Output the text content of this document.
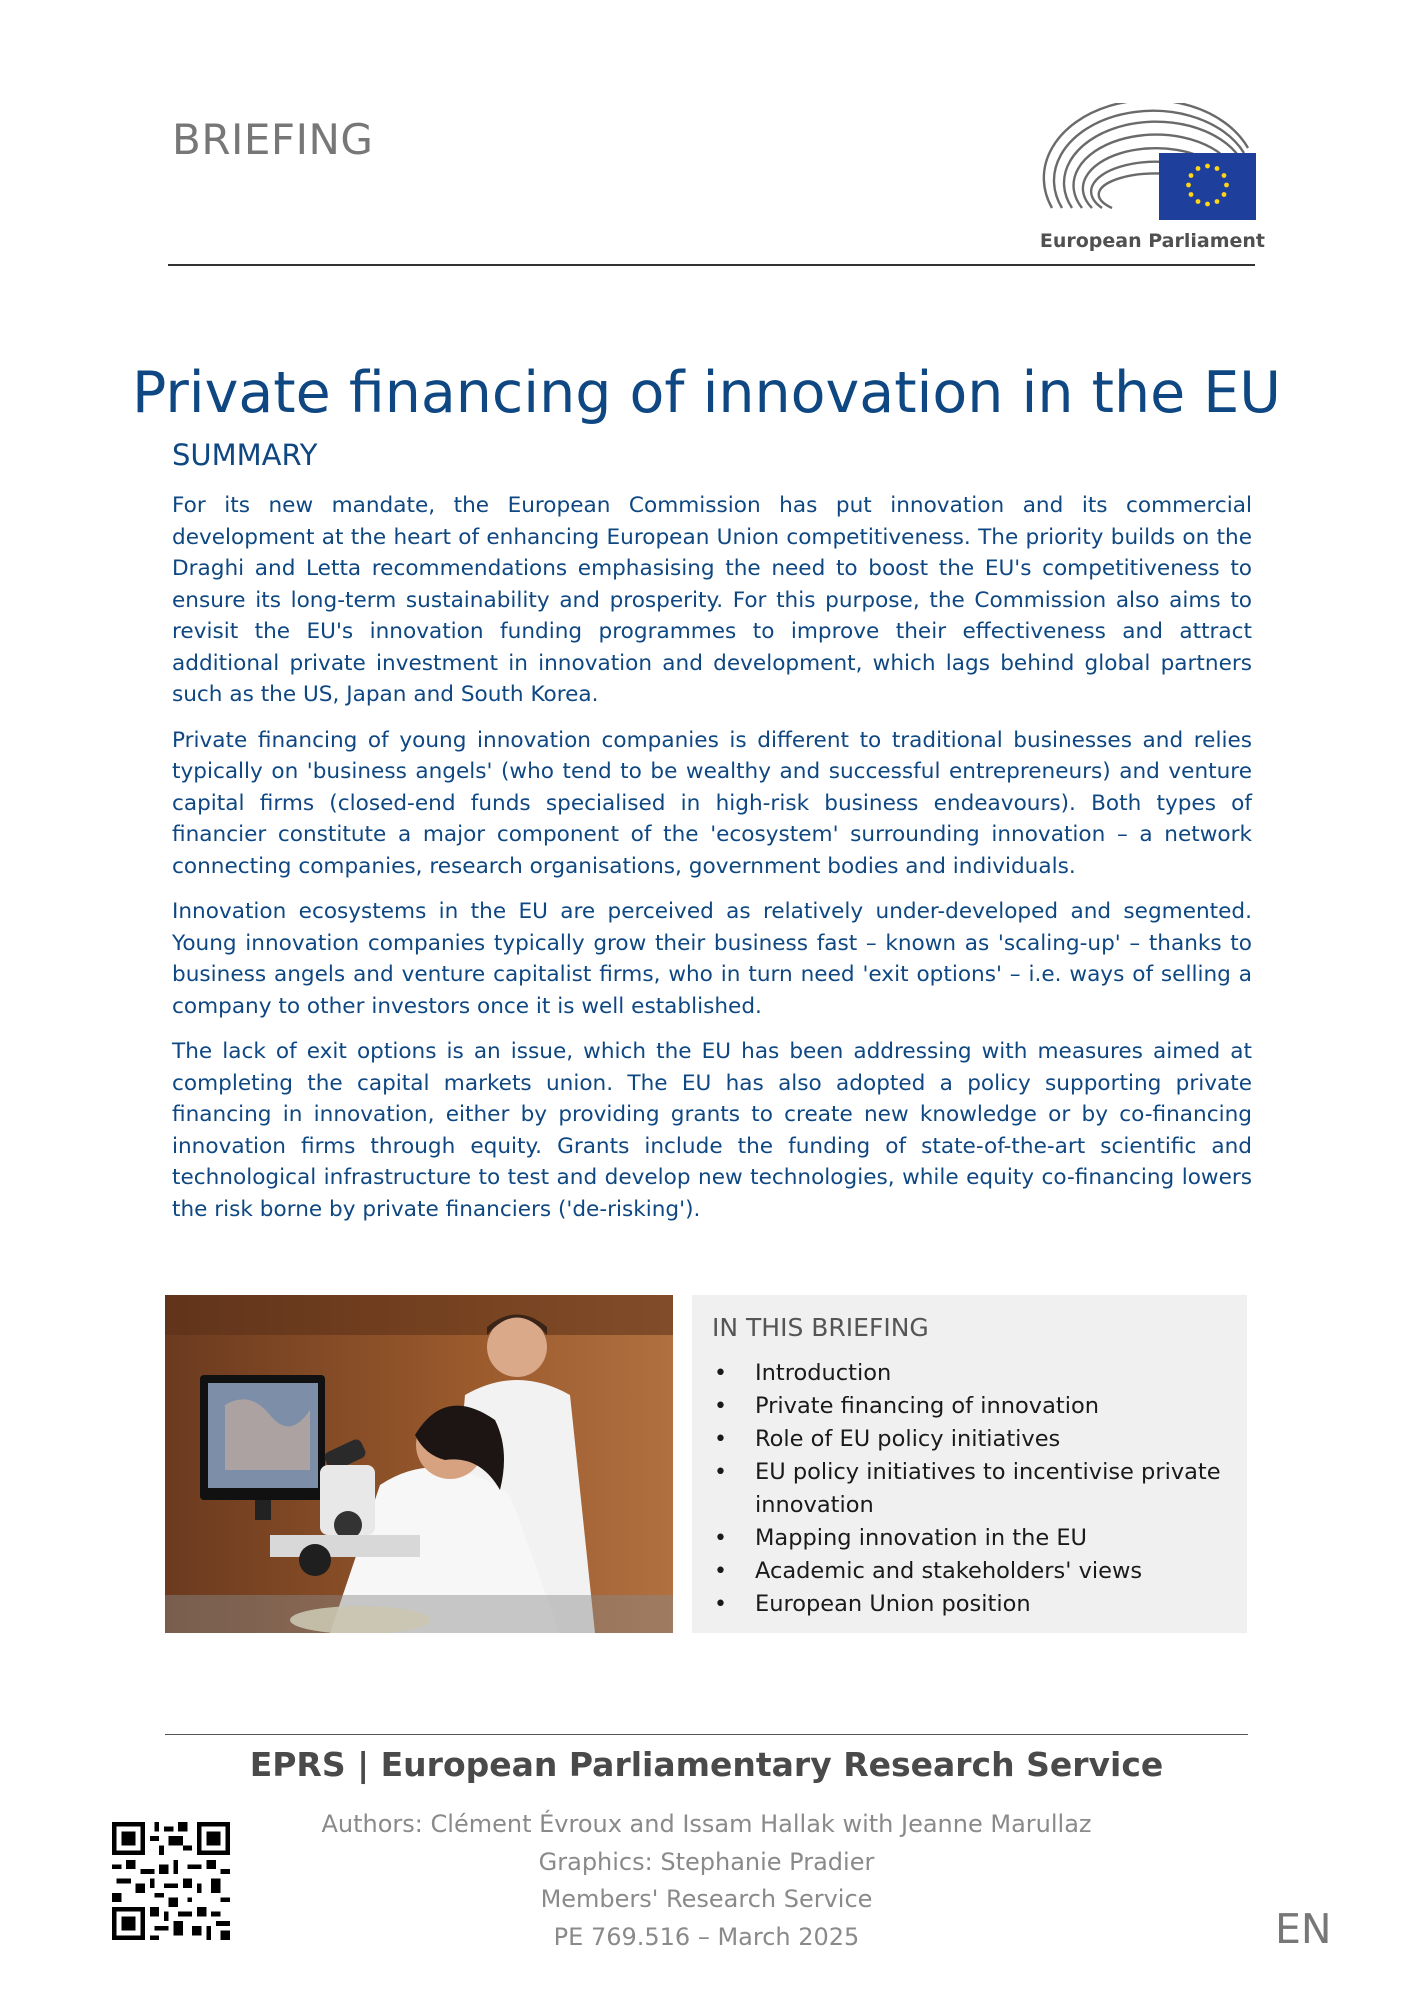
BRIEFING
European Parliament
Private financing of innovation in the EU
SUMMARY

For its new mandate, the European Commission has put innovation and its commercial development at the heart of enhancing European Union competitiveness. The priority builds on the Draghi and Letta recommendations emphasising the need to boost the EU's competitiveness to ensure its long-term sustainability and prosperity. For this purpose, the Commission also aims to revisit the EU's innovation funding programmes to improve their effectiveness and attract additional private investment in innovation and development, which lags behind global partners such as the US, Japan and South Korea.

Private financing of young innovation companies is different to traditional businesses and relies typically on 'business angels' (who tend to be wealthy and successful entrepreneurs) and venture capital firms (closed-end funds specialised in high-risk business endeavours). Both types of financier constitute a major component of the 'ecosystem' surrounding innovation – a network connecting companies, research organisations, government bodies and individuals.

Innovation ecosystems in the EU are perceived as relatively under-developed and segmented. Young innovation companies typically grow their business fast – known as 'scaling-up' – thanks to business angels and venture capitalist firms, who in turn need 'exit options' – i.e. ways of selling a company to other investors once it is well established.

The lack of exit options is an issue, which the EU has been addressing with measures aimed at completing the capital markets union. The EU has also adopted a policy supporting private financing in innovation, either by providing grants to create new knowledge or by co-financing innovation firms through equity. Grants include the funding of state-of-the-art scientific and technological infrastructure to test and develop new technologies, while equity co-financing lowers the risk borne by private financiers ('de-risking').

IN THIS BRIEFING
• Introduction
• Private financing of innovation
• Role of EU policy initiatives
• EU policy initiatives to incentivise private innovation
• Mapping innovation in the EU
• Academic and stakeholders' views
• European Union position
EPRS | European Parliamentary Research Service
Authors: Clément Évroux and Issam Hallak with Jeanne Marullaz
Graphics: Stephanie Pradier
Members' Research Service
PE 769.516 – March 2025	EN
